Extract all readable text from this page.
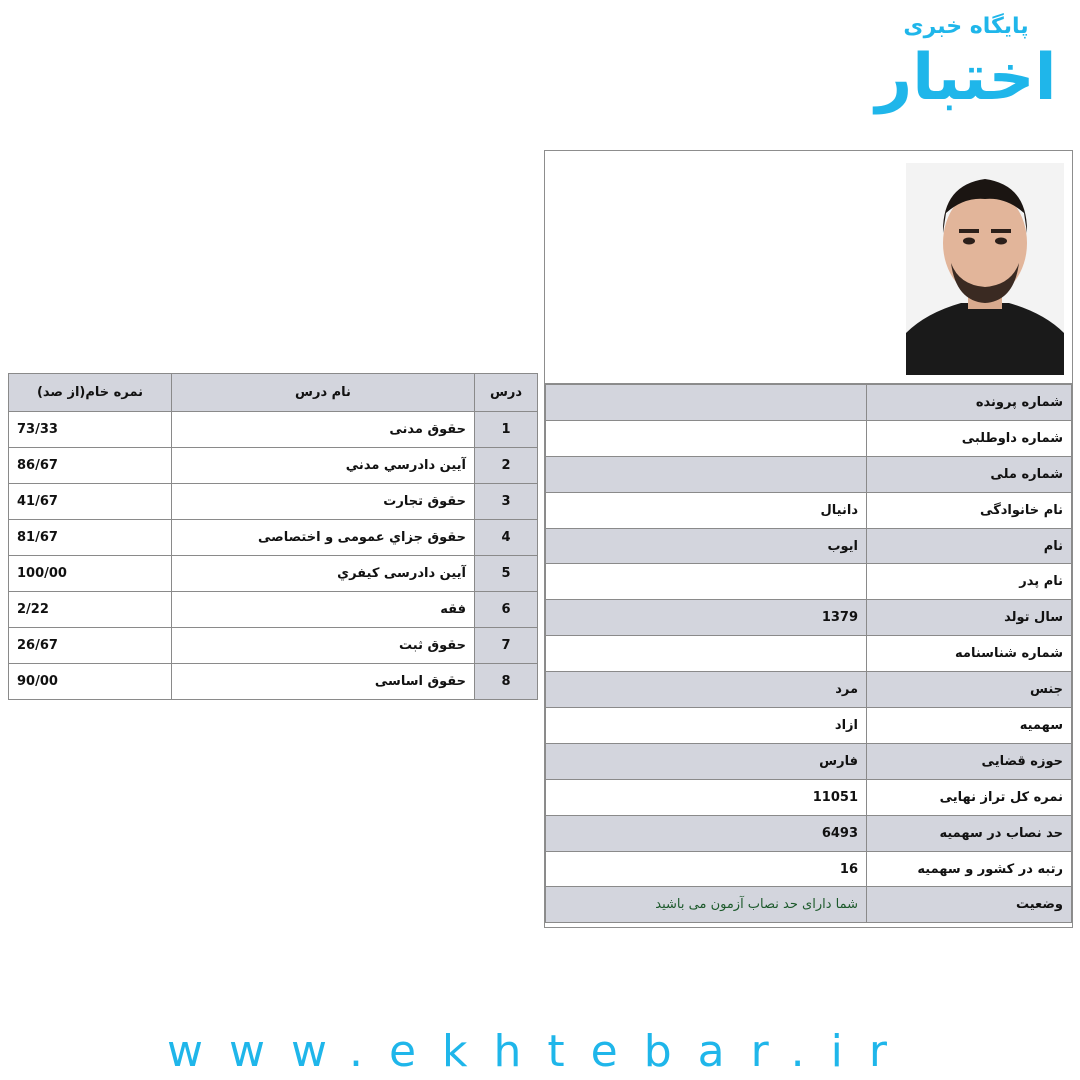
پایگاه خبری
اختبار
شماره پرونده	
شماره داوطلبی	
شماره ملی	
نام خانوادگی	دانیال
نام	ایوب
نام پدر	
سال تولد	1379
شماره شناسنامه	
جنس	مرد
سهمیه	ازاد
حوزه قضایی	فارس
نمره کل تراز نهایی	11051
حد نصاب در سهمیه	6493
رتبه در کشور و سهمیه	16
وضعیت	شما دارای حد نصاب آزمون می باشید
درس	نام درس	نمره خام(از صد)
1	حقوق مدنی	73/33
2	آیین دادرسي مدني	86/67
3	حقوق تجارت	41/67
4	حقوق جزاي عمومی و اختصاصی	81/67
5	آیین دادرسی کیفري	100/00
6	فقه	2/22
7	حقوق ثبت	26/67
8	حقوق اساسی	90/00
www.ekhtebar.ir
